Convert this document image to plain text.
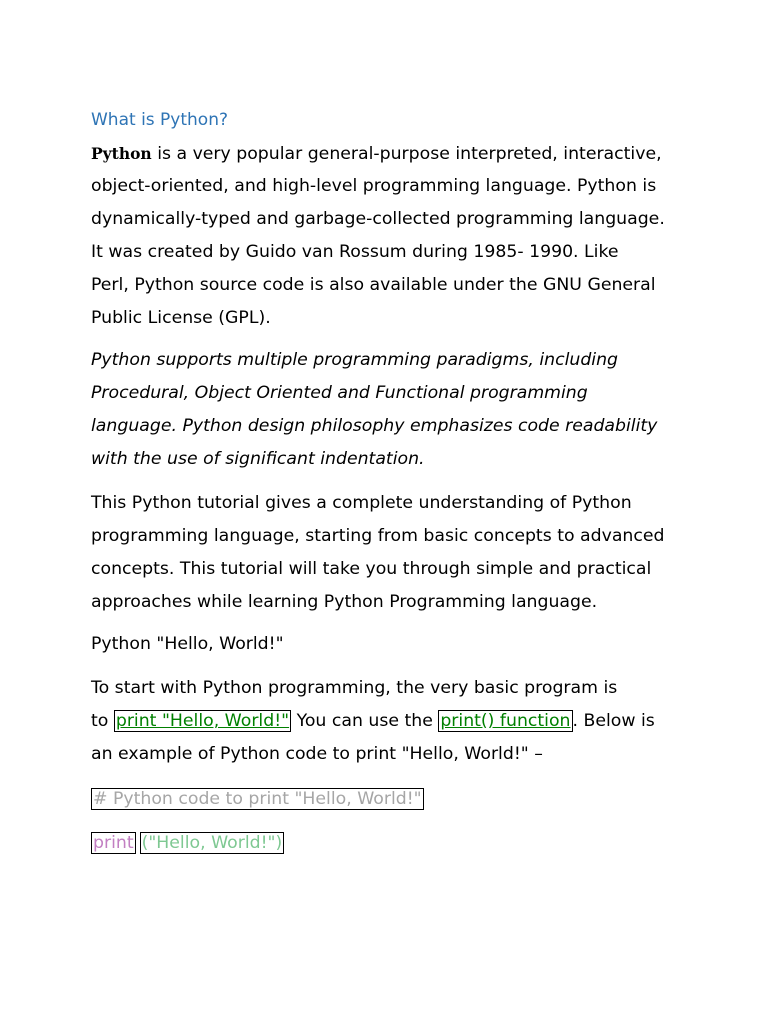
What is Python?
Python is a very popular general-purpose interpreted, interactive,
object-oriented, and high-level programming language. Python is
dynamically-typed and garbage-collected programming language.
It was created by Guido van Rossum during 1985- 1990. Like
Perl, Python source code is also available under the GNU General
Public License (GPL).
Python supports multiple programming paradigms, including
Procedural, Object Oriented and Functional programming
language. Python design philosophy emphasizes code readability
with the use of significant indentation.
This Python tutorial gives a complete understanding of Python
programming language, starting from basic concepts to advanced
concepts. This tutorial will take you through simple and practical
approaches while learning Python Programming language.
Python "Hello, World!"
To start with Python programming, the very basic program is
to print "Hello, World!" You can use the print() function . Below is
an example of Python code to print "Hello, World!" –
# Python code to print "Hello, World!"
print ("Hello, World!")
